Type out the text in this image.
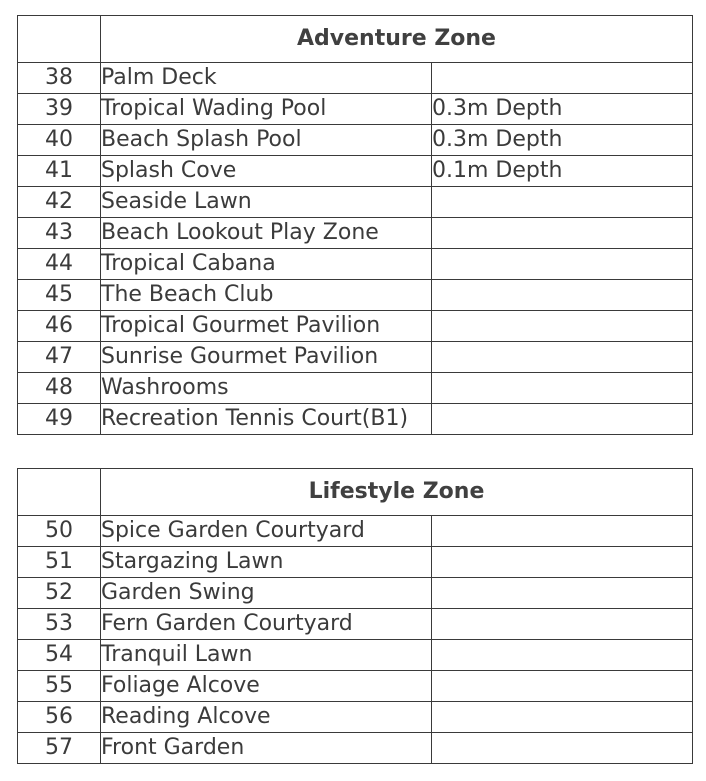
	Adventure Zone	
38	Palm Deck	
39	Tropical Wading Pool	0.3m Depth
40	Beach Splash Pool	0.3m Depth
41	Splash Cove	0.1m Depth
42	Seaside Lawn	
43	Beach Lookout Play Zone	
44	Tropical Cabana	
45	The Beach Club	
46	Tropical Gourmet Pavilion	
47	Sunrise Gourmet Pavilion	
48	Washrooms	
49	Recreation Tennis Court(B1)	
	Lifestyle Zone	
50	Spice Garden Courtyard	
51	Stargazing Lawn	
52	Garden Swing	
53	Fern Garden Courtyard	
54	Tranquil Lawn	
55	Foliage Alcove	
56	Reading Alcove	
57	Front Garden	
